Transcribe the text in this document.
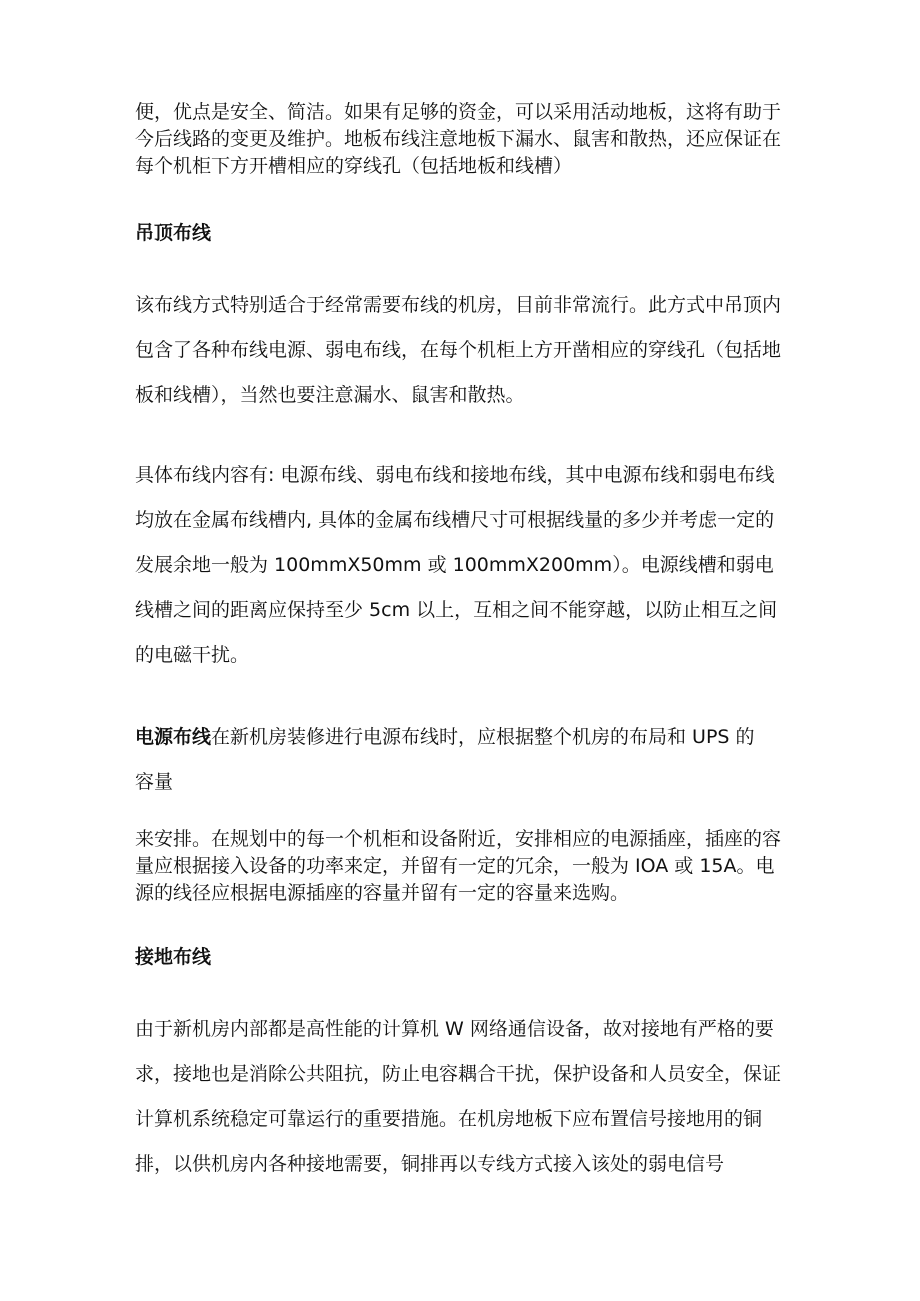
便，优点是安全、简洁。如果有足够的资金，可以采用活动地板，这将有助于今后线路的变更及维护。地板布线注意地板下漏水、鼠害和散热，还应保证在每个机柜下方开槽相应的穿线孔（包括地板和线槽）

吊顶布线

该布线方式特别适合于经常需要布线的机房，目前非常流行。此方式中吊顶内包含了各种布线电源、弱电布线，在每个机柜上方开凿相应的穿线孔（包括地板和线槽），当然也要注意漏水、鼠害和散热。

具体布线内容有: 电源布线、弱电布线和接地布线，其中电源布线和弱电布线均放在金属布线槽内, 具体的金属布线槽尺寸可根据线量的多少并考虑一定的发展余地一般为 100mmX50mm 或 100mmX200mm）。电源线槽和弱电线槽之间的距离应保持至少 5cm 以上，互相之间不能穿越，以防止相互之间的电磁干扰。

电源布线在新机房装修进行电源布线时，应根据整个机房的布局和 UPS 的
容量

来安排。在规划中的每一个机柜和设备附近，安排相应的电源插座，插座的容量应根据接入设备的功率来定，并留有一定的冗余，一般为 IOA 或 15A。电源的线径应根据电源插座的容量并留有一定的容量来选购。

接地布线

由于新机房内部都是高性能的计算机 W 网络通信设备，故对接地有严格的要求，接地也是消除公共阻抗，防止电容耦合干扰，保护设备和人员安全，保证计算机系统稳定可靠运行的重要措施。在机房地板下应布置信号接地用的铜排，以供机房内各种接地需要，铜排再以专线方式接入该处的弱电信号
